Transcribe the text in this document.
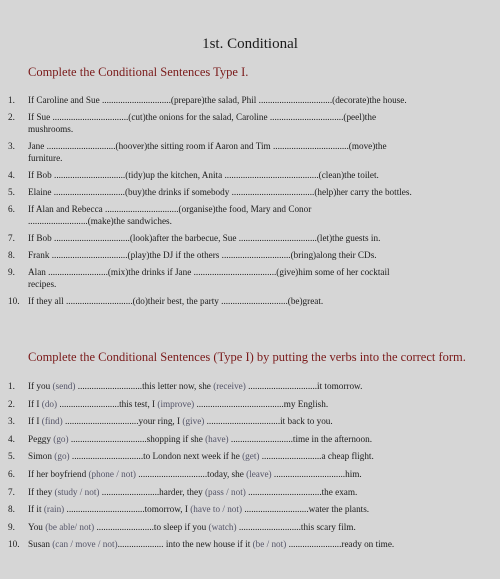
1st. Conditional
Complete the Conditional Sentences Type I.
1. If Caroline and Sue ..............................(prepare)the salad, Phil ................................(decorate)the house.
2. If Sue .................................(cut)the onions for the salad, Caroline ................................(peel)the
mushrooms.
3. Jane ..............................(hoover)the sitting room if Aaron and Tim .................................(move)the
furniture.
4. If Bob ...............................(tidy)up the kitchen, Anita .........................................(clean)the toilet.
5. Elaine ...............................(buy)the drinks if somebody ....................................(help)her carry the bottles.
6. If Alan and Rebecca ................................(organise)the food, Mary and Conor
..........................(make)the sandwiches.
7. If Bob .................................(look)after the barbecue, Sue ..................................(let)the guests in.
8. Frank .................................(play)the DJ if the others ..............................(bring)along their CDs.
9. Alan ..........................(mix)the drinks if Jane ....................................(give)him some of her cocktail
recipes.
10. If they all .............................(do)their best, the party .............................(be)great.
Complete the Conditional Sentences (Type I) by putting the verbs into the correct form.
1. If you (send) ............................this letter now, she (receive) ..............................it tomorrow.
2. If I (do) ..........................this test, I (improve) ......................................my English.
3. If I (find) ................................your ring, I (give) ................................it back to you.
4. Peggy (go) .................................shopping if she (have) ...........................time in the afternoon.
5. Simon (go) ...............................to London next week if he (get) ..........................a cheap flight.
6. If her boyfriend (phone / not) ..............................today, she (leave) ...............................him.
7. If they (study / not) .........................harder, they (pass / not) ................................the exam.
8. If it (rain) ..................................tomorrow, I (have to / not) ............................water the plants.
9. You (be able/ not) .........................to sleep if you (watch) ...........................this scary film.
10. Susan (can / move / not).................... into the new house if it (be / not) .......................ready on time.
